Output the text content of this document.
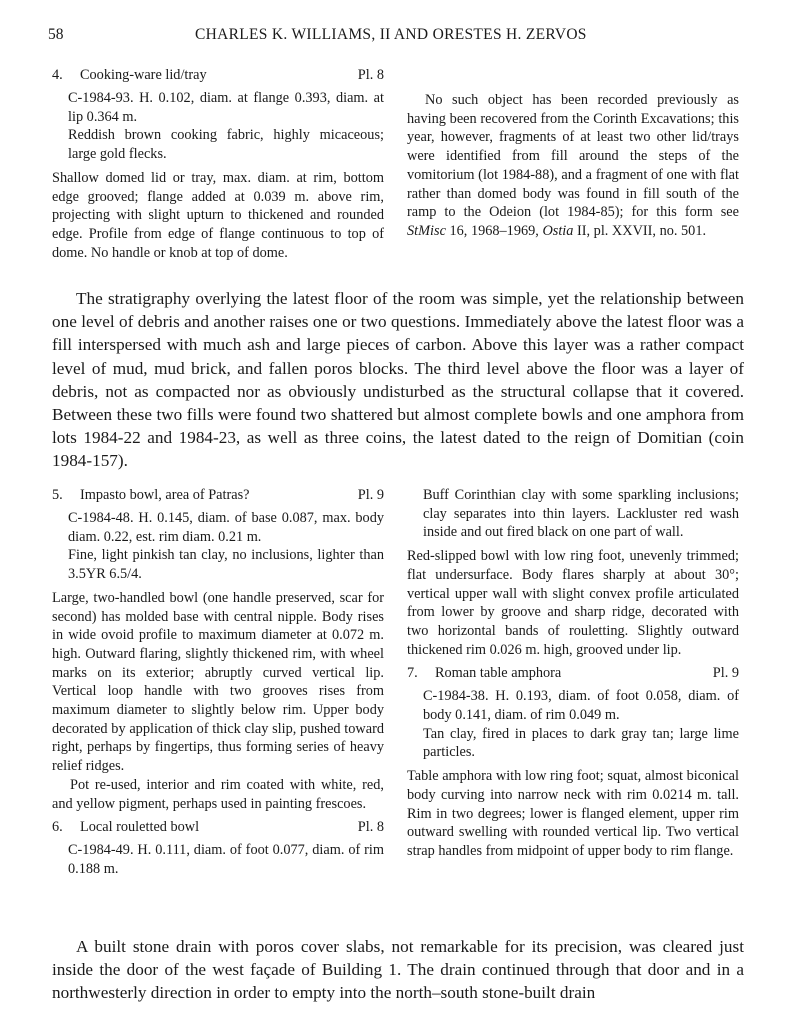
58	CHARLES K. WILLIAMS, II AND ORESTES H. ZERVOS
4. Cooking-ware lid/tray	Pl. 8

C-1984-93. H. 0.102, diam. at flange 0.393, diam. at lip 0.364 m.

Reddish brown cooking fabric, highly micaceous; large gold flecks.

Shallow domed lid or tray, max. diam. at rim, bottom edge grooved; flange added at 0.039 m. above rim, projecting with slight upturn to thickened and rounded edge. Profile from edge of flange continuous to top of dome. No handle or knob at top of dome.

No such object has been recorded previously as having been recovered from the Corinth Excavations; this year, however, fragments of at least two other lid/trays were identified from fill around the steps of the vomitorium (lot 1984-88), and a fragment of one with flat rather than domed body was found in fill south of the ramp to the Odeion (lot 1984-85); for this form see StMisc 16, 1968–1969, Ostia II, pl. XXVII, no. 501.

The stratigraphy overlying the latest floor of the room was simple, yet the relationship between one level of debris and another raises one or two questions. Immediately above the latest floor was a fill interspersed with much ash and large pieces of carbon. Above this layer was a rather compact level of mud, mud brick, and fallen poros blocks. The third level above the floor was a layer of debris, not as compacted nor as obviously undisturbed as the structural collapse that it covered. Between these two fills were found two shattered but almost complete bowls and one amphora from lots 1984-22 and 1984-23, as well as three coins, the latest dated to the reign of Domitian (coin 1984-157).

5. Impasto bowl, area of Patras?	Pl. 9

C-1984-48. H. 0.145, diam. of base 0.087, max. body diam. 0.22, est. rim diam. 0.21 m.

Fine, light pinkish tan clay, no inclusions, lighter than 3.5YR 6.5/4.

Large, two-handled bowl (one handle preserved, scar for second) has molded base with central nipple. Body rises in wide ovoid profile to maximum diameter at 0.072 m. high. Outward flaring, slightly thickened rim, with wheel marks on its exterior; abruptly curved vertical lip. Vertical loop handle with two grooves rises from maximum diameter to slightly below rim. Upper body decorated by application of thick clay slip, pushed toward right, perhaps by fingertips, thus forming series of heavy relief ridges.

Pot re-used, interior and rim coated with white, red, and yellow pigment, perhaps used in painting frescoes.

6. Local rouletted bowl	Pl. 8

C-1984-49. H. 0.111, diam. of foot 0.077, diam. of rim 0.188 m.

Buff Corinthian clay with some sparkling inclusions; clay separates into thin layers. Lackluster red wash inside and out fired black on one part of wall.

Red-slipped bowl with low ring foot, unevenly trimmed; flat undersurface. Body flares sharply at about 30°; vertical upper wall with slight convex profile articulated from lower by groove and sharp ridge, decorated with two horizontal bands of rouletting. Slightly outward thickened rim 0.026 m. high, grooved under lip.

7. Roman table amphora	Pl. 9

C-1984-38. H. 0.193, diam. of foot 0.058, diam. of body 0.141, diam. of rim 0.049 m.

Tan clay, fired in places to dark gray tan; large lime particles.

Table amphora with low ring foot; squat, almost biconical body curving into narrow neck with rim 0.0214 m. tall. Rim in two degrees; lower is flanged element, upper rim outward swelling with rounded vertical lip. Two vertical strap handles from midpoint of upper body to rim flange.

A built stone drain with poros cover slabs, not remarkable for its precision, was cleared just inside the door of the west façade of Building 1. The drain continued through that door and in a northwesterly direction in order to empty into the north–south stone-built drain
